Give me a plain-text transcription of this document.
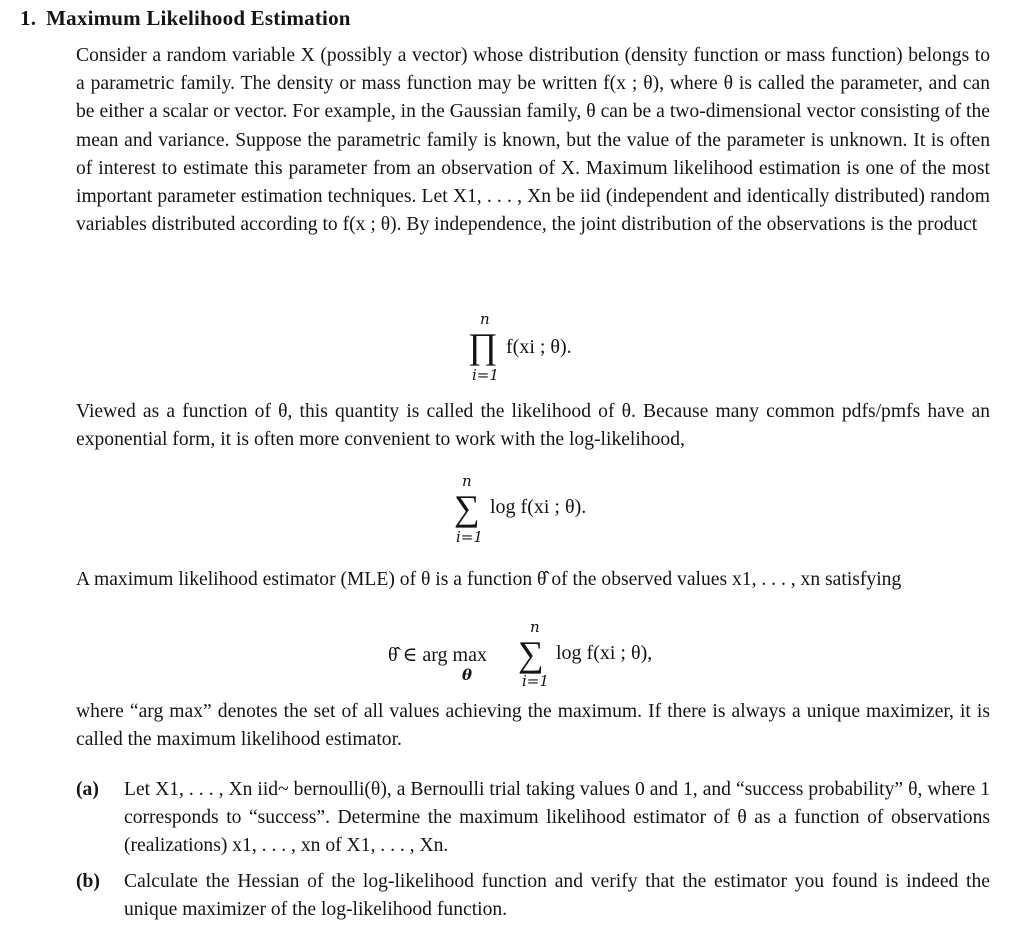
1. Maximum Likelihood Estimation
Consider a random variable X (possibly a vector) whose distribution (density function or mass function) belongs to a parametric family. The density or mass function may be written f(x ; θ), where θ is called the parameter, and can be either a scalar or vector. For example, in the Gaussian family, θ can be a two-dimensional vector consisting of the mean and variance. Suppose the parametric family is known, but the value of the parameter is unknown. It is often of interest to estimate this parameter from an observation of X. Maximum likelihood estimation is one of the most important parameter estimation techniques. Let X1, . . . , Xn be iid (independent and identically distributed) random variables distributed according to f(x ; θ). By independence, the joint distribution of the observations is the product
n
∏ f(xi ; θ).
i=1
Viewed as a function of θ, this quantity is called the likelihood of θ. Because many common pdfs/pmfs have an exponential form, it is often more convenient to work with the log-likelihood,
n
∑ log f(xi ; θ).
i=1
A maximum likelihood estimator (MLE) of θ is a function θ̂ of the observed values x1, . . . , xn satisfying
θ̂ ∈ arg max
θ
n
∑ log f(xi ; θ),
i=1
where “arg max” denotes the set of all values achieving the maximum. If there is always a unique maximizer, it is called the maximum likelihood estimator.
(a) Let X1, . . . , Xn iid~ bernoulli(θ), a Bernoulli trial taking values 0 and 1, and “success probability” θ, where 1 corresponds to “success”. Determine the maximum likelihood estimator of θ as a function of observations (realizations) x1, . . . , xn of X1, . . . , Xn.
(b) Calculate the Hessian of the log-likelihood function and verify that the estimator you found is indeed the unique maximizer of the log-likelihood function.
